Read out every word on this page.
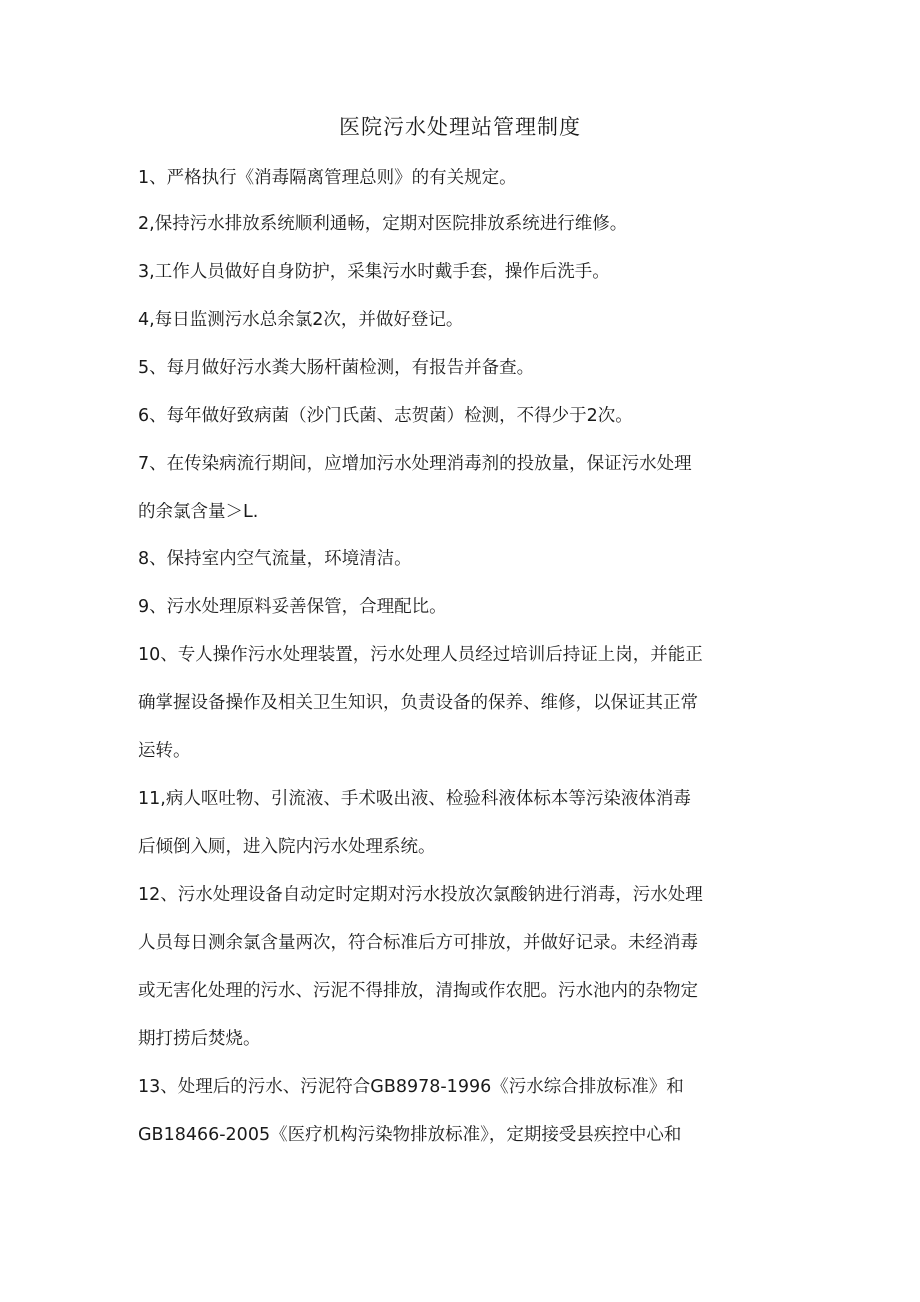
医院污水处理站管理制度
1、严格执行《消毒隔离管理总则》的有关规定。
2,保持污水排放系统顺利通畅，定期对医院排放系统进行维修。
3,工作人员做好自身防护，采集污水时戴手套，操作后洗手。
4,每日监测污水总余氯2次，并做好登记。
5、每月做好污水粪大肠杆菌检测，有报告并备查。
6、每年做好致病菌（沙门氏菌、志贺菌）检测，不得少于2次。
7、在传染病流行期间，应增加污水处理消毒剂的投放量，保证污水处理
的余氯含量＞L.
8、保持室内空气流量，环境清洁。
9、污水处理原料妥善保管，合理配比。
10、专人操作污水处理装置，污水处理人员经过培训后持证上岗，并能正
确掌握设备操作及相关卫生知识，负责设备的保养、维修，以保证其正常
运转。
11,病人呕吐物、引流液、手术吸出液、检验科液体标本等污染液体消毒
后倾倒入厕，进入院内污水处理系统。
12、污水处理设备自动定时定期对污水投放次氯酸钠进行消毒，污水处理
人员每日测余氯含量两次，符合标准后方可排放，并做好记录。未经消毒
或无害化处理的污水、污泥不得排放，清掏或作农肥。污水池内的杂物定
期打捞后焚烧。
13、处理后的污水、污泥符合GB8978-1996《污水综合排放标准》和
GB18466-2005《医疗机构污染物排放标准》，定期接受县疾控中心和
